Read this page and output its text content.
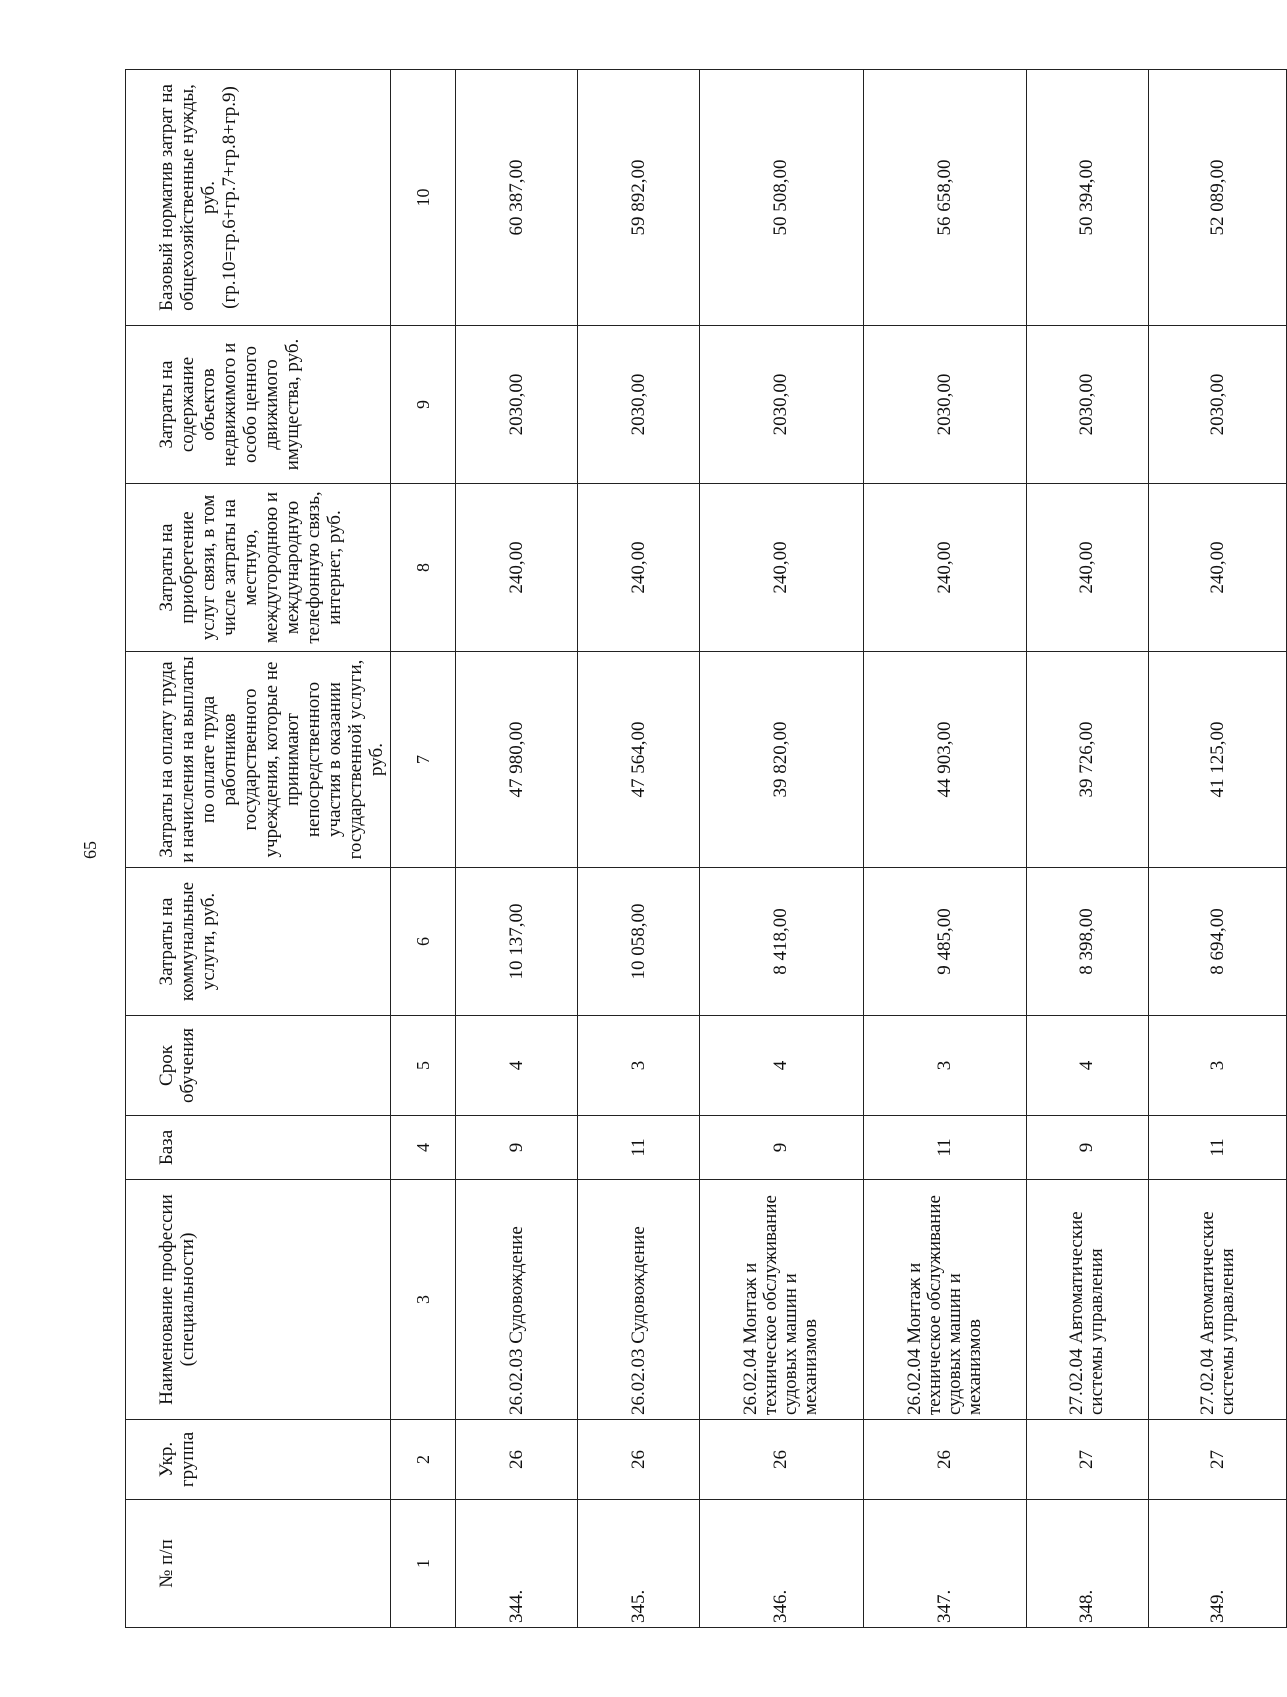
65
№ п/п	Укр. группа	Наименование профессии (специальности)	База	Срок обучения	Затраты на коммунальные услуги, руб.	Затраты на оплату труда и начисления на выплаты по оплате труда работников государственного учреждения, которые не принимают непосредственного участия в оказании государственной услуги, руб.	Затраты на приобретение услуг связи, в том числе затраты на местную, междугороднюю и международную телефонную связь, интернет, руб.	Затраты на содержание объектов недвижимого и особо ценного движимого имущества, руб.	Базовый норматив затрат на общехозяйственные нужды, руб. (гр.10=гр.6+гр.7+гр.8+гр.9)
1	2	3	4	5	6	7	8	9	10
344.	26	26.02.03 Судовождение	9	4	10 137,00	47 980,00	240,00	2030,00	60 387,00
345.	26	26.02.03 Судовождение	11	3	10 058,00	47 564,00	240,00	2030,00	59 892,00
346.	26	26.02.04 Монтаж и техническое обслуживание судовых машин и механизмов	9	4	8 418,00	39 820,00	240,00	2030,00	50 508,00
347.	26	26.02.04 Монтаж и техническое обслуживание судовых машин и механизмов	11	3	9 485,00	44 903,00	240,00	2030,00	56 658,00
348.	27	27.02.04 Автоматические системы управления	9	4	8 398,00	39 726,00	240,00	2030,00	50 394,00
349.	27	27.02.04 Автоматические системы управления	11	3	8 694,00	41 125,00	240,00	2030,00	52 089,00
